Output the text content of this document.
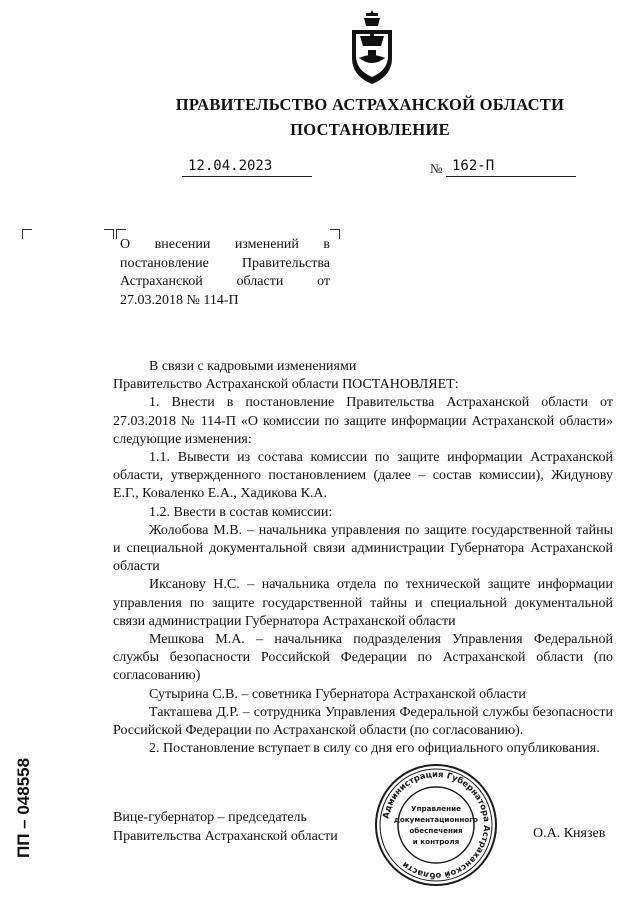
ПРАВИТЕЛЬСТВО АСТРАХАНСКОЙ ОБЛАСТИ
ПОСТАНОВЛЕНИЕ
12.04.2023	№ 162-П
О внесении изменений в постановление Правительства Астраханской области от 27.03.2018 № 114-П

В связи с кадровыми изменениями

Правительство Астраханской области ПОСТАНОВЛЯЕТ:

1. Внести в постановление Правительства Астраханской области от 27.03.2018 № 114-П «О комиссии по защите информации Астраханской области» следующие изменения:

1.1. Вывести из состава комиссии по защите информации Астраханской области, утвержденного постановлением (далее – состав комиссии), Жидунову Е.Г., Коваленко Е.А., Хадикова К.А.

1.2. Ввести в состав комиссии:

Жолобова М.В. – начальника управления по защите государственной тайны и специальной документальной связи администрации Губернатора Астраханской области

Иксанову Н.С. – начальника отдела по технической защите информации управления по защите государственной тайны и специальной документальной связи администрации Губернатора Астраханской области

Мешкова М.А. – начальника подразделения Управления Федеральной службы безопасности Российской Федерации по Астраханской области (по согласованию)

Сутырина С.В. – советника Губернатора Астраханской области

Такташева Д.Р. – сотрудника Управления Федеральной службы безопасности Российской Федерации по Астраханской области (по согласованию).

2. Постановление вступает в силу со дня его официального опубликования.

Вице-губернатор – председатель
Правительства Астраханской области	О.А. Князев
Администрация Губернатора Астраханской области
Управление
документационного
обеспечения
и контроля
ПП – 048558
